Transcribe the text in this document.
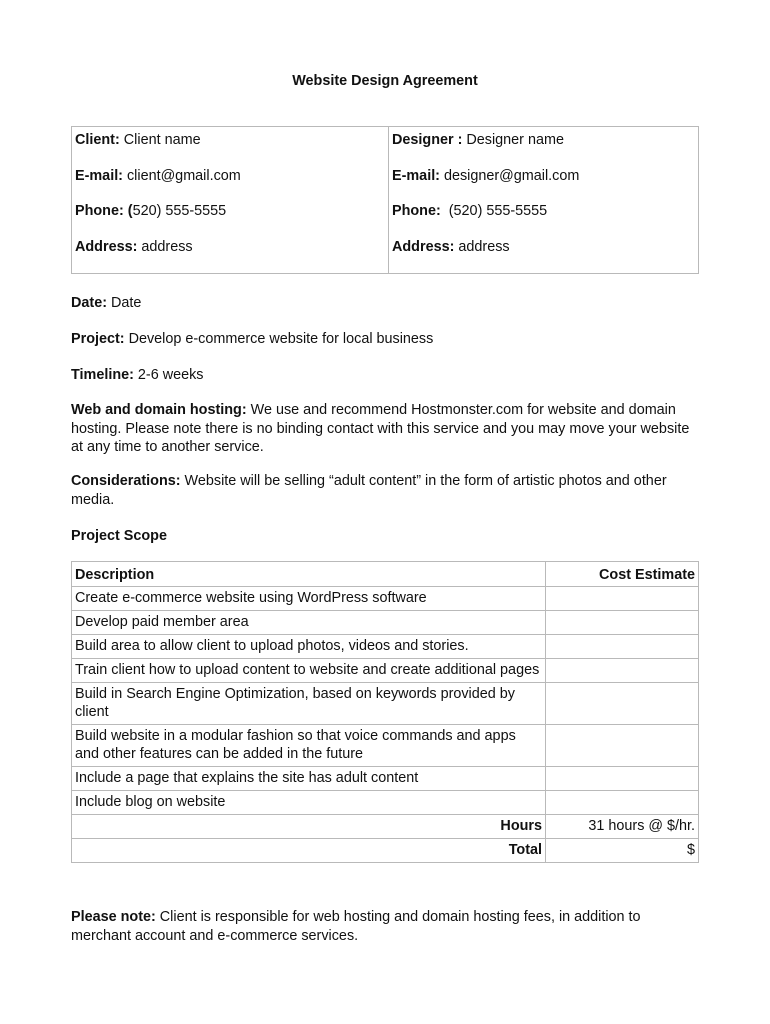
Website Design Agreement
Client: Client name
E-mail: client@gmail.com
Phone: (520) 555-5555
Address: address

Designer : Designer name
E-mail: designer@gmail.com
Phone:  (520) 555-5555
Address: address
Date: Date
Project: Develop e-commerce website for local business
Timeline: 2-6 weeks
Web and domain hosting: We use and recommend Hostmonster.com for website and domain hosting. Please note there is no binding contact with this service and you may move your website at any time to another service.
Considerations: Website will be selling “adult content” in the form of artistic photos and other media.
Project Scope
Description	Cost Estimate
Create e-commerce website using WordPress software	
Develop paid member area	
Build area to allow client to upload photos, videos and stories.	
Train client how to upload content to website and create additional pages	
Build in Search Engine Optimization, based on keywords provided by client	
Build website in a modular fashion so that voice commands and apps and other features can be added in the future	
Include a page that explains the site has adult content	
Include blog on website	
Hours	31 hours @ $/hr.
Total	$
Please note: Client is responsible for web hosting and domain hosting fees, in addition to merchant account and e-commerce services.
